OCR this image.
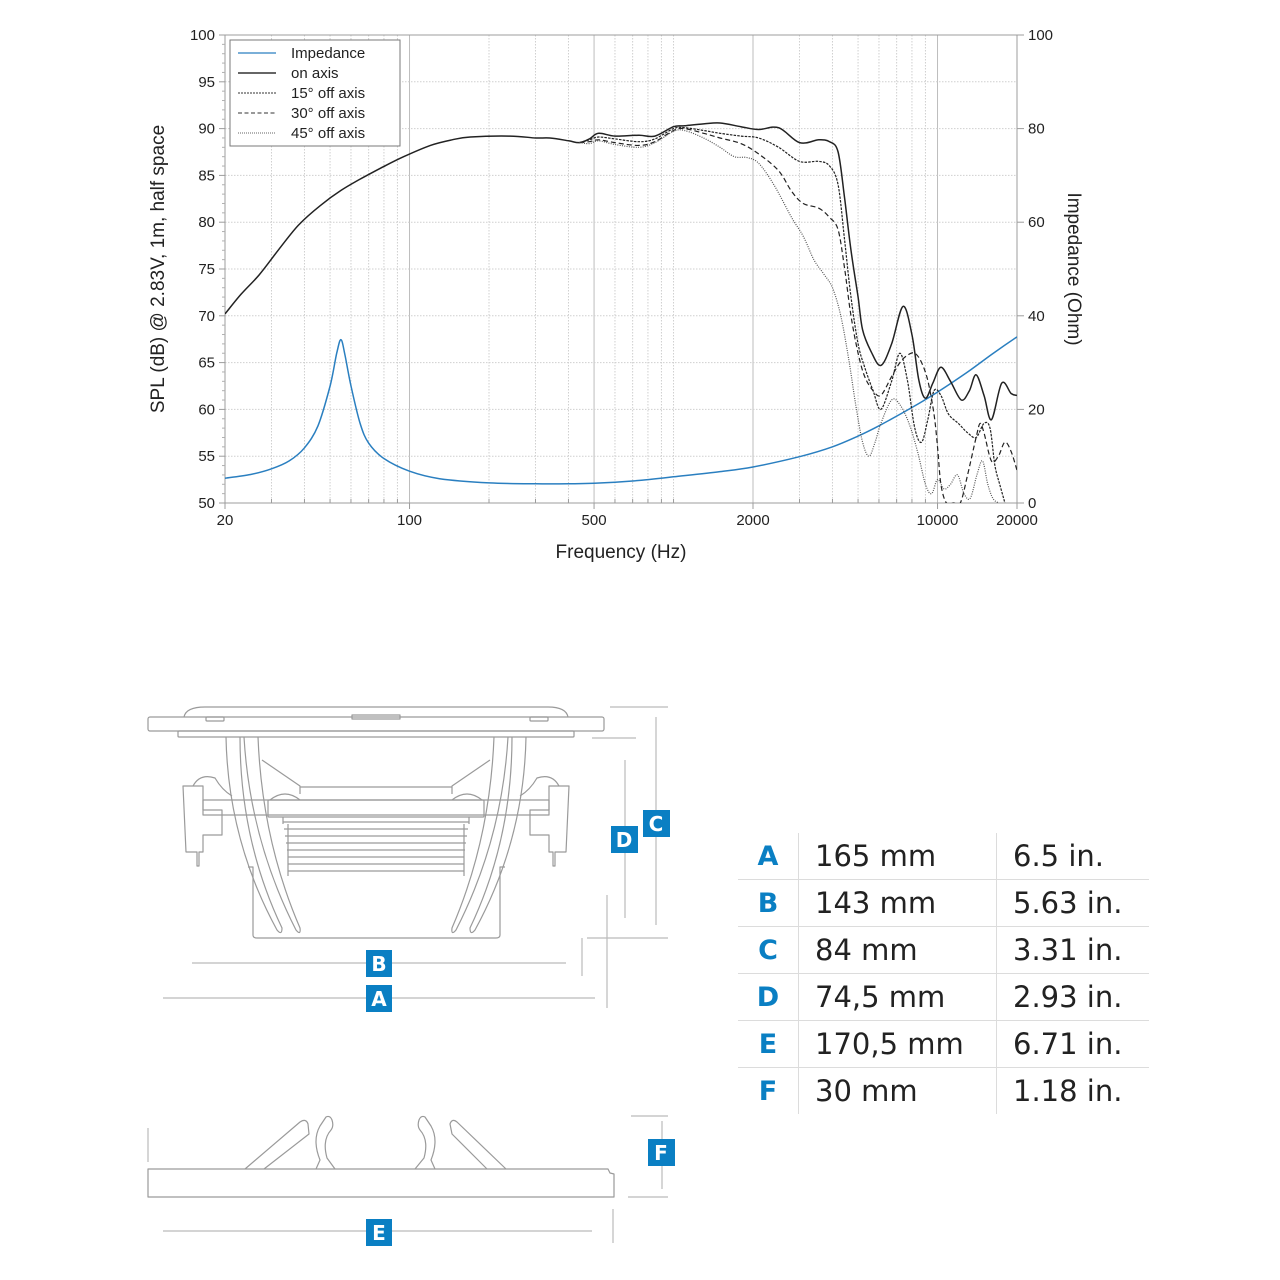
50
55
60
65
70
75
80
85
90
95
100
0
20
40
60
80
100
20	100	500	2000	10000	20000
Frequency (Hz)
SPL (dB) @ 2.83V, 1m, half space	Impedance (Ohm)
Impedance
on axis
15° off axis
30° off axis
45° off axis
A
B
C
D
E
F
A	165 mm	6.5 in.
B	143 mm	5.63 in.
C	84 mm	3.31 in.
D	74,5 mm	2.93 in.
E	170,5 mm	6.71 in.
F	30 mm	1.18 in.
